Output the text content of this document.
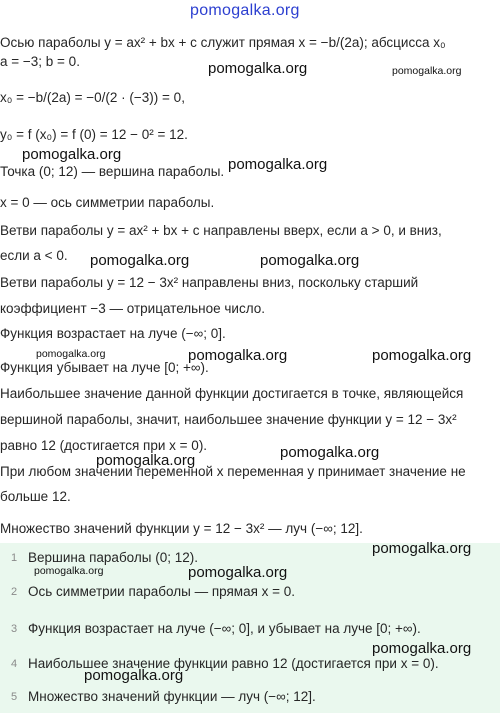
pomogalka.org
Осью параболы y = ax² + bx + c служит прямая x = −b/(2a); абсцисса x₀
a = −3; b = 0.
x₀ = −b/(2a) = −0/(2 · (−3)) = 0,
y₀ = f (x₀) = f (0) = 12 − 0² = 12.
Точка (0; 12) — вершина параболы.
x = 0 — ось симметрии параболы.
Ветви параболы y = ax² + bx + c направлены вверх, если a > 0, и вниз,
если a < 0.
Ветви параболы y = 12 − 3x² направлены вниз, поскольку старший
коэффициент −3 — отрицательное число.
Функция возрастает на луче (−∞; 0].
Функция убывает на луче [0; +∞).
Наибольшее значение данной функции достигается в точке, являющейся
вершиной параболы, значит, наибольшее значение функции y = 12 − 3x²
равно 12 (достигается при x = 0).
При любом значении переменной x переменная y принимает значение не
больше 12.
Множество значений функции y = 12 − 3x² — луч (−∞; 12].
1 Вершина параболы (0; 12).
2 Ось симметрии параболы — прямая x = 0.
3 Функция возрастает на луче (−∞; 0], и убывает на луче [0; +∞).
4 Наибольшее значение функции равно 12 (достигается при x = 0).
5 Множество значений функции — луч (−∞; 12].
pomogalka.org	pomogalka.org
pomogalka.org
pomogalka.org
pomogalka.org	pomogalka.org
pomogalka.org	pomogalka.org	pomogalka.org
pomogalka.org
pomogalka.org
pomogalka.org
pomogalka.org	pomogalka.org
pomogalka.org
pomogalka.org
